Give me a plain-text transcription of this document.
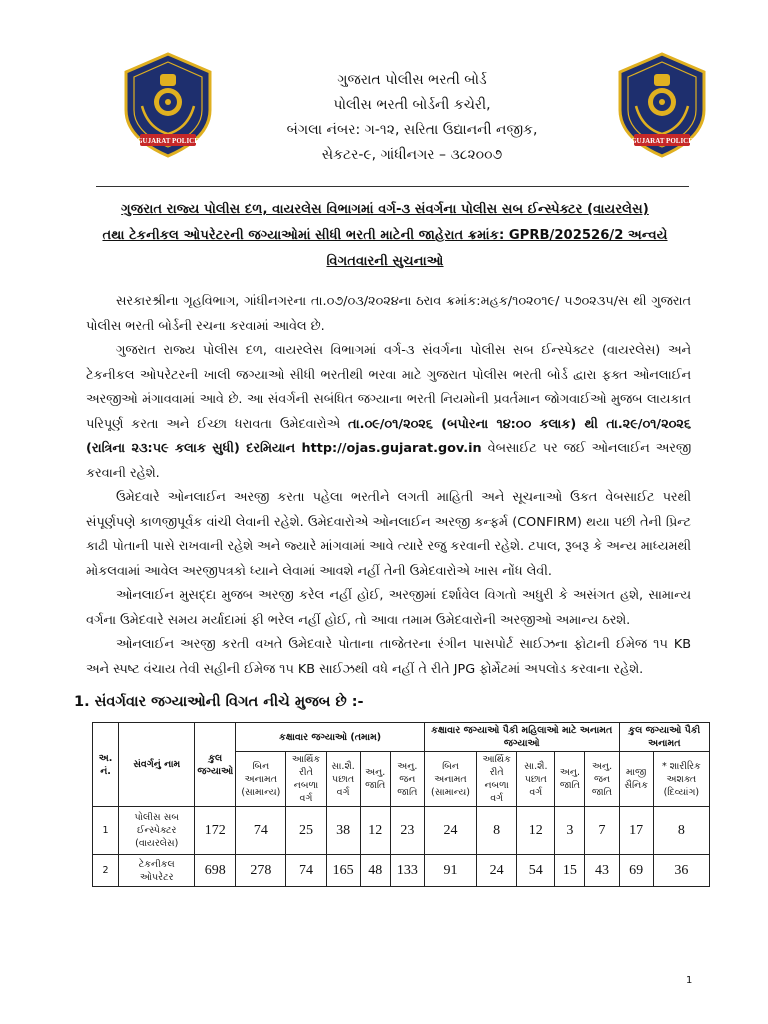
GUJARAT POLICE	GUJARAT POLICE
ગુજરાત પોલીસ ભરતી બોર્ડ
પોલીસ ભરતી બોર્ડની કચેરી,
બંગલા નંબર: ગ-૧૨, સરિતા ઉદ્યાનની નજીક,
સેકટર-૯, ગાંધીનગર – ૩૮૨૦૦૭
ગુજરાત રાજ્ય પોલીસ દળ, વાયરલેસ વિભાગમાં વર્ગ-૩ સંવર્ગના પોલીસ સબ ઈન્સ્પેક્ટર (વાયરલેસ)
તથા ટેકનીકલ ઓપરેટરની જગ્યાઓમાં સીધી ભરતી માટેની જાહેરાત ક્રમાંક: GPRB/202526/2 અન્વયે
વિગતવારની સુચનાઓ

સરકારશ્રીના ગૃહવિભાગ, ગાંધીનગરના તા.૦૭/૦૩/૨૦૨૪ના ઠરાવ ક્રમાંક:મહક/૧૦૨૦૧૯/ ૫૭૦૨૩૫/સ થી ગુજરાત પોલીસ ભરતી બોર્ડની રચના કરવામાં આવેલ છે.

ગુજરાત રાજ્ય પોલીસ દળ, વાયરલેસ વિભાગમાં વર્ગ-૩ સંવર્ગના પોલીસ સબ ઈન્સ્પેક્ટર (વાયરલેસ) અને ટેકનીકલ ઓપરેટરની ખાલી જગ્યાઓ સીધી ભરતીથી ભરવા માટે ગુજરાત પોલીસ ભરતી બોર્ડ દ્વારા ફક્ત ઓનલાઈન અરજીઓ મંગાવવામાં આવે છે. આ સંવર્ગની સબંધિત જગ્યાના ભરતી નિયમોની પ્રવર્તમાન જોગવાઈઓ મુજબ લાયકાત પરિપૂર્ણ કરતા અને ઈચ્છા ધરાવતા ઉમેદવારોએ તા.૦૯/૦૧/૨૦૨૬ (બપોરના ૧૪:૦૦ કલાક) થી તા.૨૯/૦૧/૨૦૨૬ (રાત્રિના ૨૩:૫૯ કલાક સુધી) દરમિયાન http://ojas.gujarat.gov.in વેબસાઈટ પર જઈ ઓનલાઈન અરજી કરવાની રહેશે.

ઉમેદવારે ઓનલાઈન અરજી કરતા પહેલા ભરતીને લગતી માહિતી અને સૂચનાઓ ઉકત વેબસાઈટ પરથી સંપૂર્ણપણે કાળજીપૂર્વક વાંચી લેવાની રહેશે. ઉમેદવારોએ ઓનલાઈન અરજી કન્ફર્મ (CONFIRM) થયા પછી તેની પ્રિન્ટ કાઢી પોતાની પાસે રાખવાની રહેશે અને જ્યારે માંગવામાં આવે ત્યારે રજુ કરવાની રહેશે. ટપાલ, રૂબરૂ કે અન્ય માધ્યમથી મોકલવામાં આવેલ અરજીપત્રકો ધ્યાને લેવામાં આવશે નહીં તેની ઉમેદવારોએ ખાસ નોંધ લેવી.

ઓનલાઈન મુસદ્દા મુજબ અરજી કરેલ નહીં હોઈ, અરજીમાં દર્શાવેલ વિગતો અધુરી કે અસંગત હશે, સામાન્ય વર્ગના ઉમેદવારે સમય મર્યાદામાં ફી ભરેલ નહીં હોઈ, તો આવા તમામ ઉમેદવારોની અરજીઓ અમાન્ય ઠરશે.

ઓનલાઈન અરજી કરતી વખતે ઉમેદવારે પોતાના તાજેતરના રંગીન પાસપોર્ટ સાઈઝના ફોટાની ઈમેજ ૧૫ KB અને સ્પષ્ટ વંચાય તેવી સહીની ઈમેજ ૧૫ KB સાઈઝથી વધે નહીં તે રીતે JPG ફોર્મેટમાં અપલોડ કરવાના રહેશે.

1. સંવર્ગવાર જગ્યાઓની વિગત નીચે મુજબ છે :-
અ. નં.	સંવર્ગનું નામ	કુલ જગ્યાઓ	કક્ષાવાર જગ્યાઓ (તમામ)					કક્ષાવાર જગ્યાઓ પૈકી મહિલાઓ માટે અનામત જગ્યાઓ					કુલ જગ્યાઓ પૈકી અનામત	
			બિન અનામત (સામાન્ય)	આર્થિક રીતે નબળા વર્ગ	સા.શૈ. પછાત વર્ગ	અનુ. જાતિ	અનુ. જન જાતિ	બિન અનામત (સામાન્ય)	આર્થિક રીતે નબળા વર્ગ	સા.શૈ. પછાત વર્ગ	અનુ. જાતિ	અનુ. જન જાતિ	માજી સૈનિક	* શારીરિક અશક્ત (દિવ્યાંગ)
1	પોલીસ સબ ઈન્સ્પેક્ટર (વાયરલેસ)	172	74	25	38	12	23	24	8	12	3	7	17	8
2	ટેકનીકલ ઓપરેટર	698	278	74	165	48	133	91	24	54	15	43	69	36
1
